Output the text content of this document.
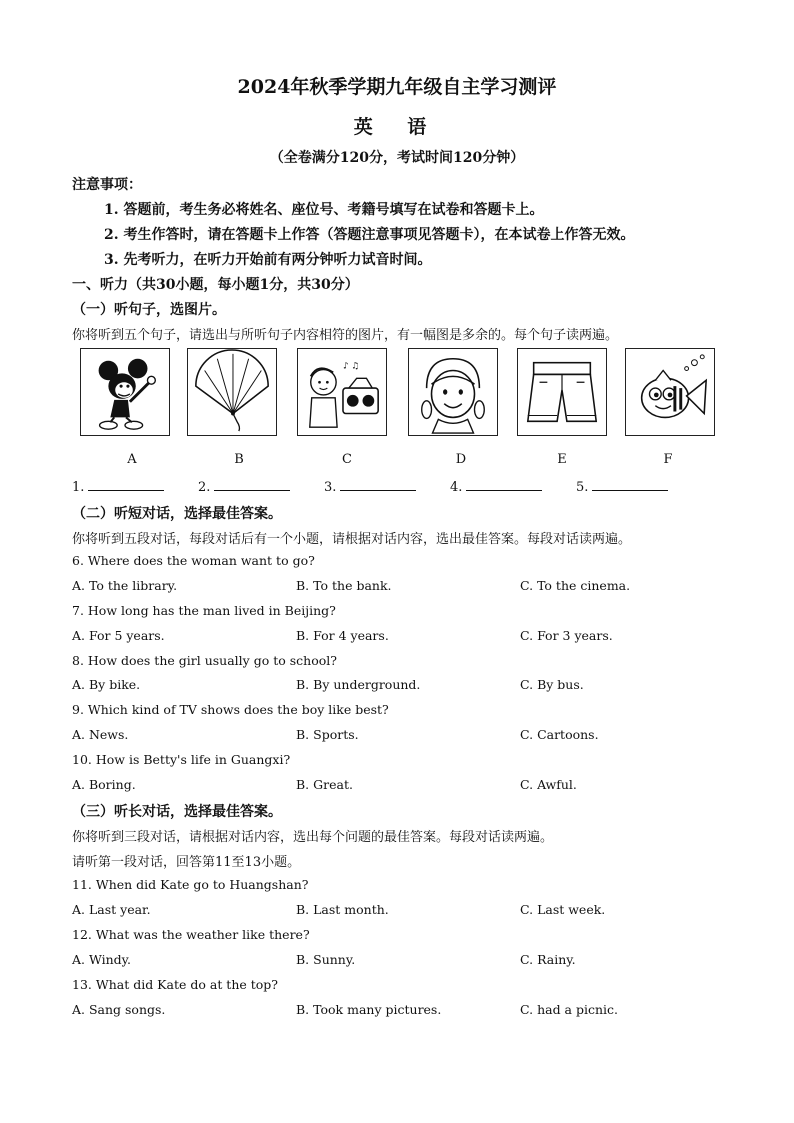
2024年秋季学期九年级自主学习测评
英 语
（全卷满分120分，考试时间120分钟）
注意事项：
1. 答题前，考生务必将姓名、座位号、考籍号填写在试卷和答题卡上。
2. 考生作答时，请在答题卡上作答（答题注意事项见答题卡），在本试卷上作答无效。
3. 先考听力，在听力开始前有两分钟听力试音时间。
一、听力（共30小题，每小题1分，共30分）
（一）听句子，选图片。
你将听到五个句子，请选出与所听句子内容相符的图片，有一幅图是多余的。每个句子读两遍。
♪ ♫
A	B	C	D	E	F
1.	2.	3.	4.	5.
（二）听短对话，选择最佳答案。
你将听到五段对话，每段对话后有一个小题，请根据对话内容，选出最佳答案。每段对话读两遍。
6. Where does the woman want to go?
A. To the library.	B. To the bank.	C. To the cinema.
7. How long has the man lived in Beijing?
A. For 5 years.	B. For 4 years.	C. For 3 years.
8. How does the girl usually go to school?
A. By bike.	B. By underground.	C. By bus.
9. Which kind of TV shows does the boy like best?
A. News.	B. Sports.	C. Cartoons.
10. How is Betty's life in Guangxi?
A. Boring.	B. Great.	C. Awful.
（三）听长对话，选择最佳答案。
你将听到三段对话，请根据对话内容，选出每个问题的最佳答案。每段对话读两遍。
请听第一段对话，回答第11至13小题。
11. When did Kate go to Huangshan?
A. Last year.	B. Last month.	C. Last week.
12. What was the weather like there?
A. Windy.	B. Sunny.	C. Rainy.
13. What did Kate do at the top?
A. Sang songs.	B. Took many pictures.	C. had a picnic.
